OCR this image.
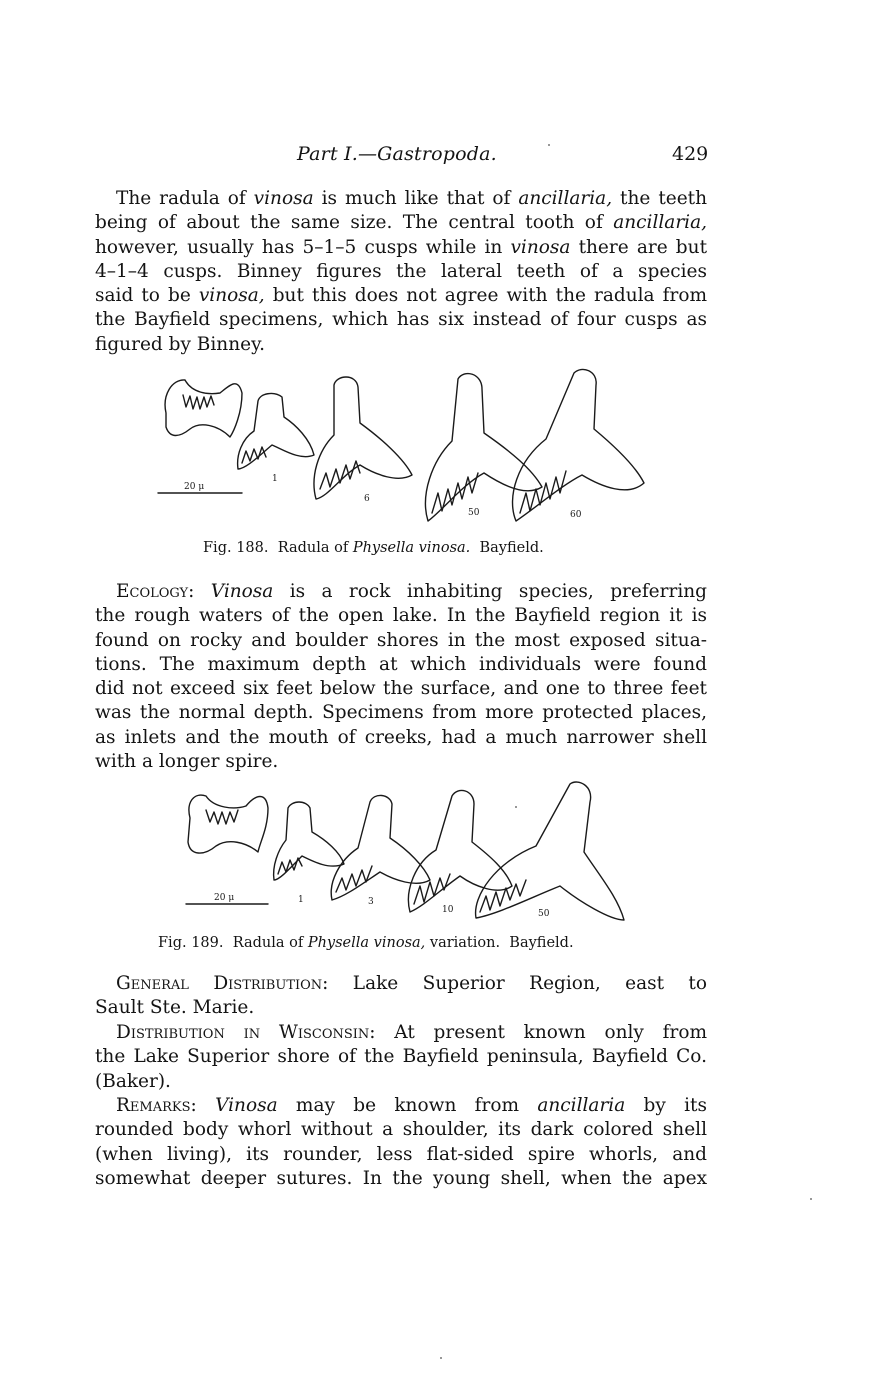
Part I.—Gastropoda.	429
The radula of vinosa is much like that of ancillaria, the teeth
being of about the same size. The central tooth of ancillaria,
however, usually has 5–1–5 cusps while in vinosa there are but
4–1–4 cusps. Binney figures the lateral teeth of a species
said to be vinosa, but this does not agree with the radula from
the Bayfield specimens, which has six instead of four cusps as
figured by Binney.
1
6
50	60
20 μ
Fig. 188. Radula of Physella vinosa. Bayfield.
Ecology: Vinosa is a rock inhabiting species, preferring
the rough waters of the open lake. In the Bayfield region it is
found on rocky and boulder shores in the most exposed situa-
tions. The maximum depth at which individuals were found
did not exceed six feet below the surface, and one to three feet
was the normal depth. Specimens from more protected places,
as inlets and the mouth of creeks, had a much narrower shell
with a longer spire.
1	3
10	50
20 μ
Fig. 189. Radula of Physella vinosa, variation. Bayfield.
General Distribution: Lake Superior Region, east to
Sault Ste. Marie.
Distribution in Wisconsin: At present known only from
the Lake Superior shore of the Bayfield peninsula, Bayfield Co.
(Baker).
Remarks: Vinosa may be known from ancillaria by its
rounded body whorl without a shoulder, its dark colored shell
(when living), its rounder, less flat-sided spire whorls, and
somewhat deeper sutures. In the young shell, when the apex
